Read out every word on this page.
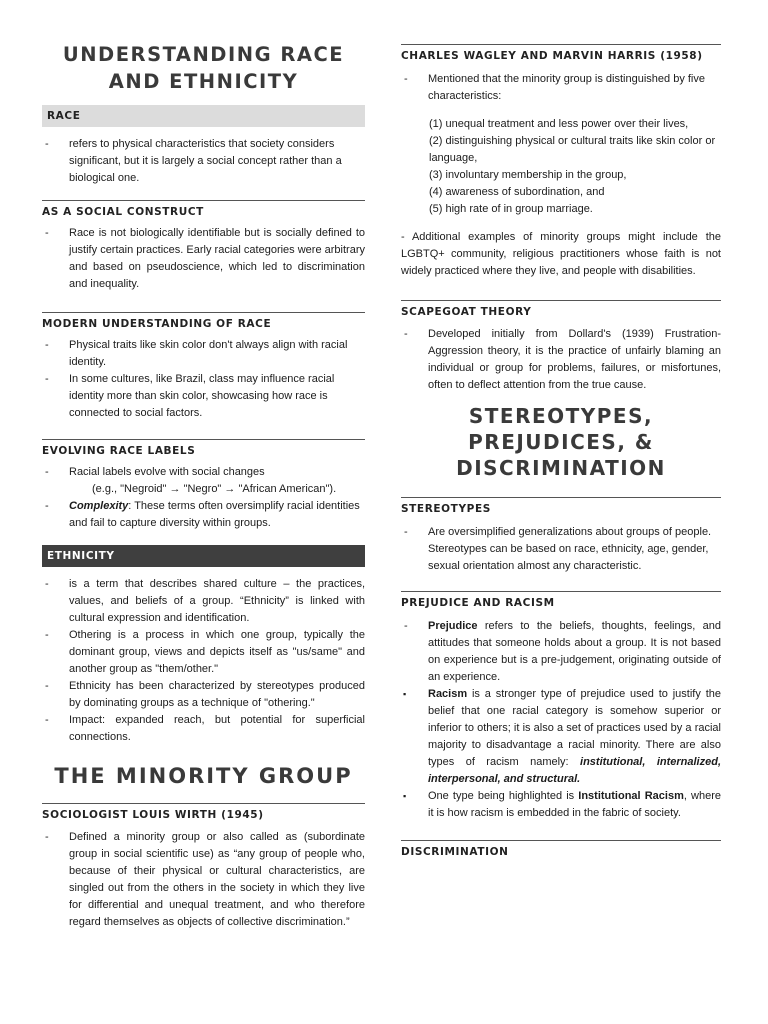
UNDERSTANDING RACE
AND ETHNICITY
RACE
- refers to physical characteristics that society considers significant, but it is largely a social concept rather than a biological one.
AS A SOCIAL CONSTRUCT
- Race is not biologically identifiable but is socially defined to justify certain practices. Early racial categories were arbitrary and based on pseudoscience, which led to discrimination and inequality.
MODERN UNDERSTANDING OF RACE
- Physical traits like skin color don't always align with racial identity.
- In some cultures, like Brazil, class may influence racial identity more than skin color, showcasing how race is connected to social factors.
EVOLVING RACE LABELS
- Racial labels evolve with social changes
(e.g., "Negroid" → "Negro" → "African American").
- Complexity: These terms often oversimplify racial identities and fail to capture diversity within groups.
ETHNICITY
- is a term that describes shared culture – the practices, values, and beliefs of a group. “Ethnicity” is linked with cultural expression and identification.
- Othering is a process in which one group, typically the dominant group, views and depicts itself as "us/same" and another group as "them/other."
- Ethnicity has been characterized by stereotypes produced by dominating groups as a technique of "othering."
- Impact: expanded reach, but potential for superficial connections.
THE MINORITY GROUP
SOCIOLOGIST LOUIS WIRTH (1945)
- Defined a minority group or also called as (subordinate group in social scientific use) as “any group of people who, because of their physical or cultural characteristics, are singled out from the others in the society in which they live for differential and unequal treatment, and who therefore regard themselves as objects of collective discrimination.”
CHARLES WAGLEY AND MARVIN HARRIS (1958)
- Mentioned that the minority group is distinguished by five characteristics:
(1) unequal treatment and less power over their lives,
(2) distinguishing physical or cultural traits like skin color or language,
(3) involuntary membership in the group,
(4) awareness of subordination, and
(5) high rate of in group marriage.
- Additional examples of minority groups might include the LGBTQ+ community, religious practitioners whose faith is not widely practiced where they live, and people with disabilities.
SCAPEGOAT THEORY
- Developed initially from Dollard's (1939) Frustration-Aggression theory, it is the practice of unfairly blaming an individual or group for problems, failures, or misfortunes, often to deflect attention from the true cause.
STEREOTYPES,
PREJUDICES, &
DISCRIMINATION
STEREOTYPES
- Are oversimplified generalizations about groups of people. Stereotypes can be based on race, ethnicity, age, gender, sexual orientation almost any characteristic.
PREJUDICE AND RACISM
- Prejudice refers to the beliefs, thoughts, feelings, and attitudes that someone holds about a group. It is not based on experience but is a pre-judgement, originating outside of an experience.
▪ Racism is a stronger type of prejudice used to justify the belief that one racial category is somehow superior or inferior to others; it is also a set of practices used by a racial majority to disadvantage a racial minority. There are also types of racism namely: institutional, internalized, interpersonal, and structural.
▪ One type being highlighted is Institutional Racism, where it is how racism is embedded in the fabric of society.
DISCRIMINATION
